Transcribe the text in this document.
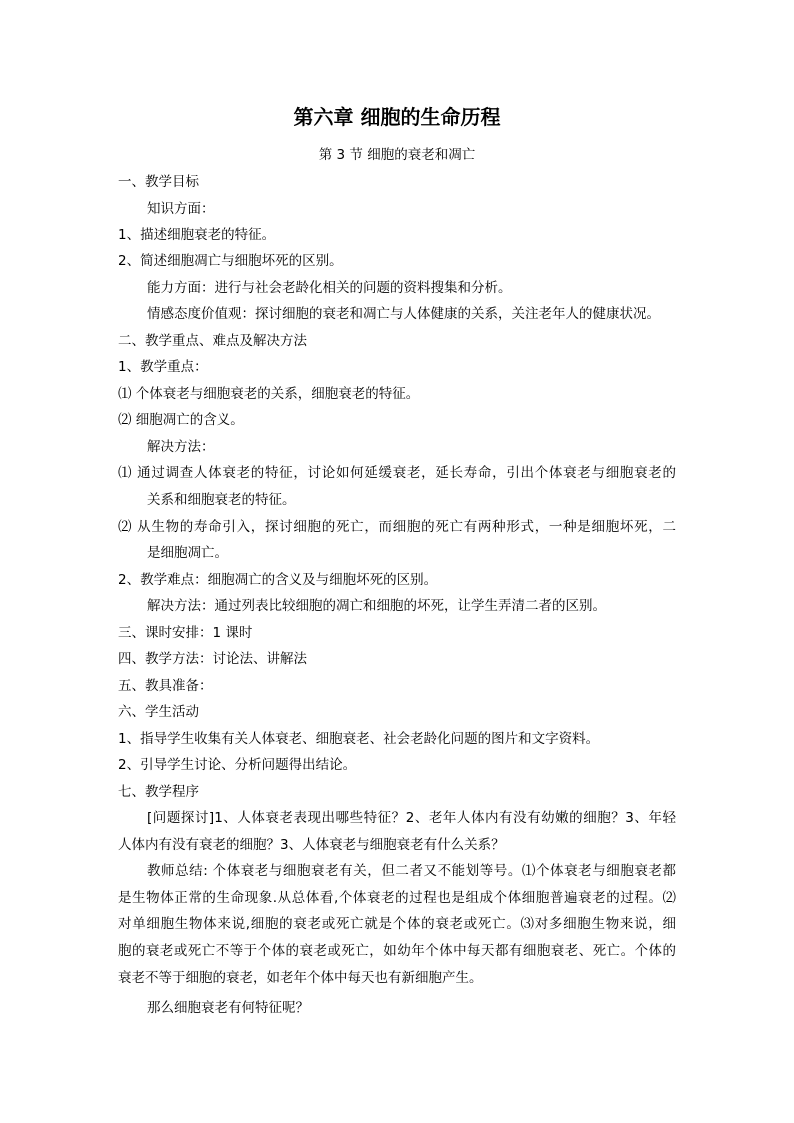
第六章 细胞的生命历程
第 3 节 细胞的衰老和凋亡
一、教学目标
知识方面：
1、描述细胞衰老的特征。
2、简述细胞凋亡与细胞坏死的区别。
能力方面：进行与社会老龄化相关的问题的资料搜集和分析。
情感态度价值观：探讨细胞的衰老和凋亡与人体健康的关系，关注老年人的健康状况。
二、教学重点、难点及解决方法
1、教学重点：
⑴ 个体衰老与细胞衰老的关系，细胞衰老的特征。
⑵ 细胞凋亡的含义。
解决方法：
⑴ 通过调查人体衰老的特征，讨论如何延缓衰老，延长寿命，引出个体衰老与细胞衰老的
关系和细胞衰老的特征。
⑵ 从生物的寿命引入，探讨细胞的死亡，而细胞的死亡有两种形式，一种是细胞坏死，二
是细胞凋亡。
2、教学难点：细胞凋亡的含义及与细胞坏死的区别。
解决方法：通过列表比较细胞的凋亡和细胞的坏死，让学生弄清二者的区别。
三、课时安排：1 课时
四、教学方法：讨论法、讲解法
五、教具准备：
六、学生活动
1、指导学生收集有关人体衰老、细胞衰老、社会老龄化问题的图片和文字资料。
2、引导学生讨论、分析问题得出结论。
七、教学程序
[问题探讨]1、人体衰老表现出哪些特征？2、老年人体内有没有幼嫩的细胞？3、年轻
人体内有没有衰老的细胞？3、人体衰老与细胞衰老有什么关系？
教师总结: 个体衰老与细胞衰老有关，但二者又不能划等号。⑴个体衰老与细胞衰老都
是生物体正常的生命现象.从总体看,个体衰老的过程也是组成个体细胞普遍衰老的过程。⑵
对单细胞生物体来说,细胞的衰老或死亡就是个体的衰老或死亡。⑶对多细胞生物来说，细
胞的衰老或死亡不等于个体的衰老或死亡，如幼年个体中每天都有细胞衰老、死亡。个体的
衰老不等于细胞的衰老，如老年个体中每天也有新细胞产生。
那么细胞衰老有何特征呢？
